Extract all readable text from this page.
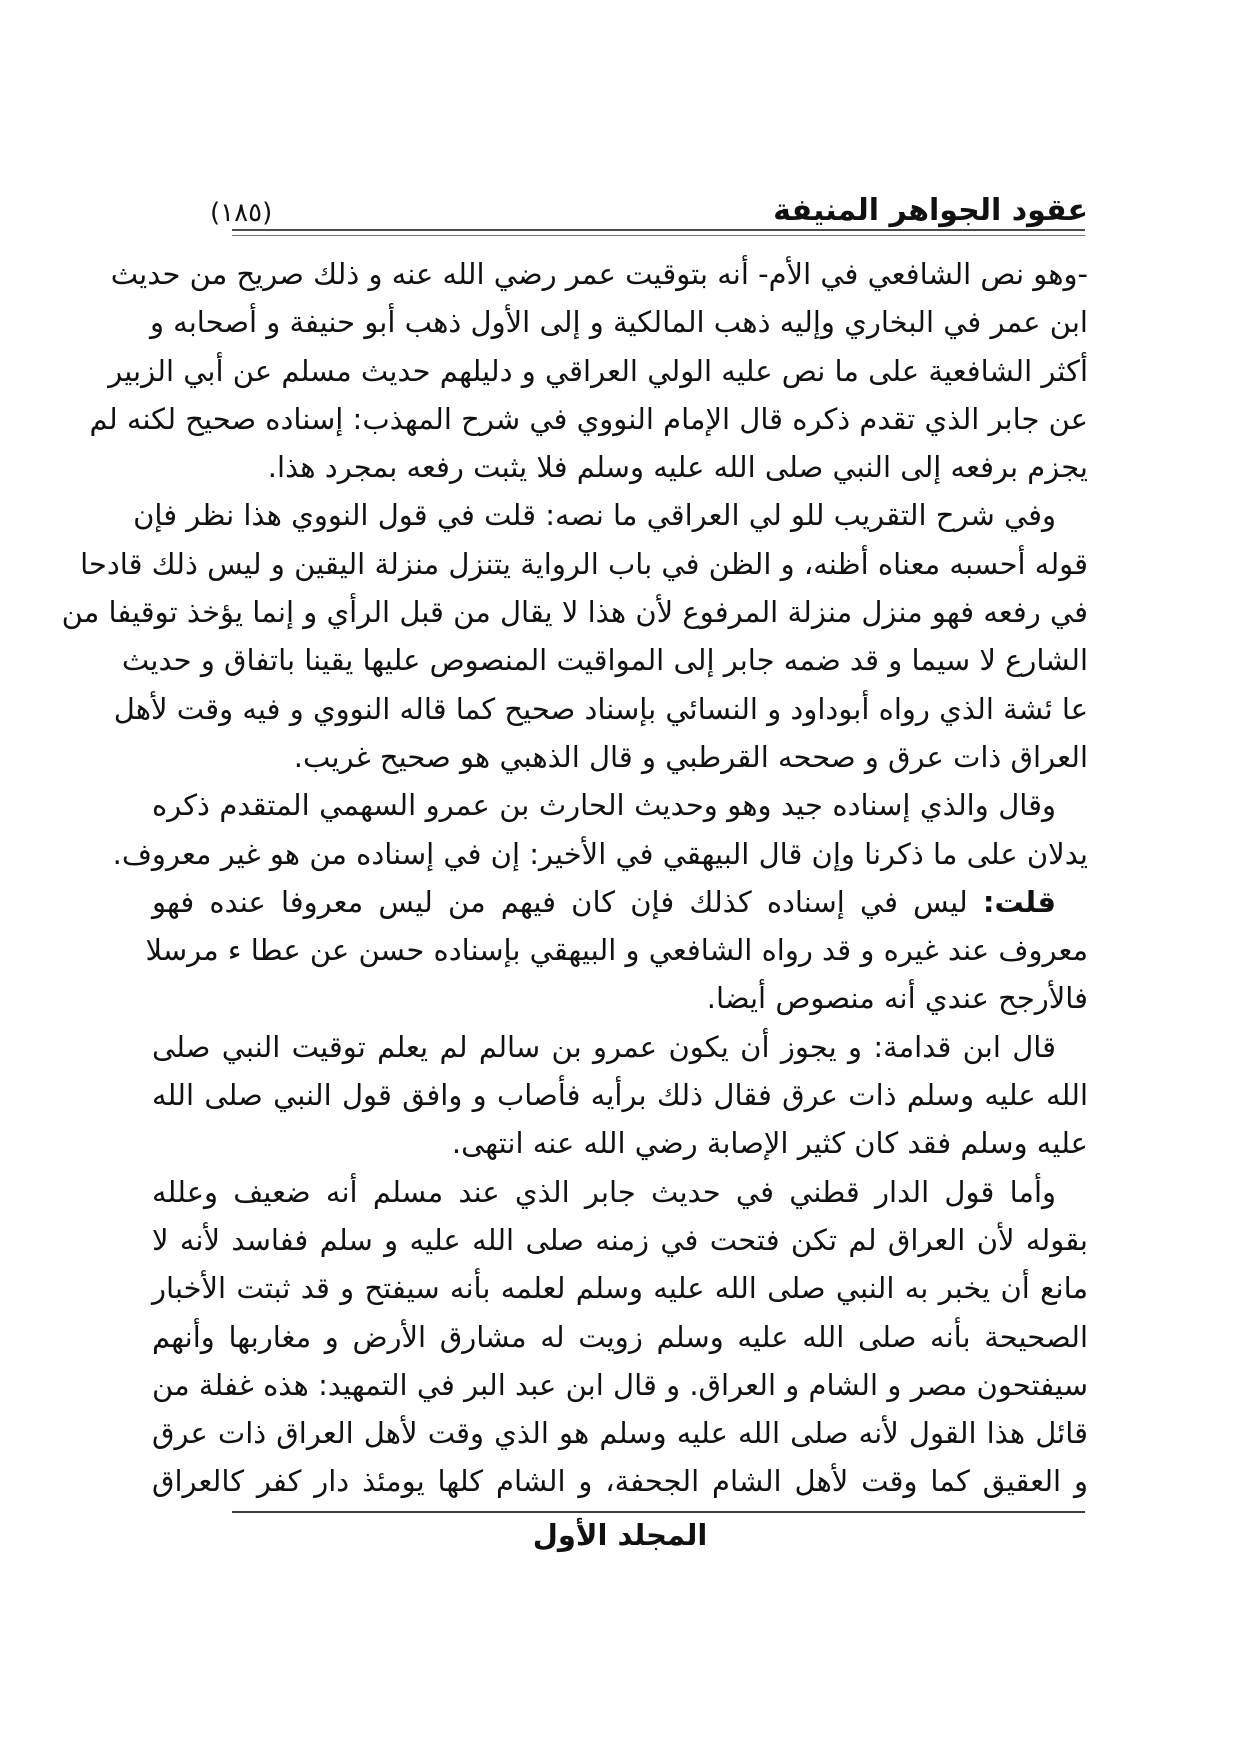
عقود الجواهر المنيفة
(١٨٥)
-وهو نص الشافعي في الأم- أنه بتوقيت عمر رضي الله عنه و ذلك صريح من حديث
ابن عمر في البخاري وإليه ذهب المالكية و إلى الأول ذهب أبو حنيفة و أصحابه و
أكثر الشافعية على ما نص عليه الولي العراقي و دليلهم حديث مسلم عن أبي الزبير
عن جابر الذي تقدم ذكره قال الإمام النووي في شرح المهذب: إسناده صحيح لكنه لم
يجزم برفعه إلى النبي صلى الله عليه وسلم فلا يثبت رفعه بمجرد هذا.
وفي شرح التقريب للو لي العراقي ما نصه: قلت في قول النووي هذا نظر فإن
قوله أحسبه معناه أظنه، و الظن في باب الرواية يتنزل منزلة اليقين و ليس ذلك قادحا
في رفعه فهو منزل منزلة المرفوع لأن هذا لا يقال من قبل الرأي و إنما يؤخذ توقيفا من
الشارع لا سيما و قد ضمه جابر إلى المواقيت المنصوص عليها يقينا باتفاق و حديث
عا ئشة الذي رواه أبوداود و النسائي بإسناد صحيح كما قاله النووي و فيه وقت لأهل
العراق ذات عرق و صححه القرطبي و قال الذهبي هو صحيح غريب.
وقال والذي إسناده جيد وهو وحديث الحارث بن عمرو السهمي المتقدم ذكره
يدلان على ما ذكرنا وإن قال البيهقي في الأخير: إن في إسناده من هو غير معروف.
قلت: ليس في إسناده كذلك فإن كان فيهم من ليس معروفا عنده فهو
معروف عند غيره و قد رواه الشافعي و البيهقي بإسناده حسن عن عطا ء مرسلا
فالأرجح عندي أنه منصوص أيضا.
قال ابن قدامة: و يجوز أن يكون عمرو بن سالم لم يعلم توقيت النبي صلى
الله عليه وسلم ذات عرق فقال ذلك برأيه فأصاب و وافق قول النبي صلى الله
عليه وسلم فقد كان كثير الإصابة رضي الله عنه انتهى.
وأما قول الدار قطني في حديث جابر الذي عند مسلم أنه ضعيف وعلله
بقوله لأن العراق لم تكن فتحت في زمنه صلى الله عليه و سلم ففاسد لأنه لا
مانع أن يخبر به النبي صلى الله عليه وسلم لعلمه بأنه سيفتح و قد ثبتت الأخبار
الصحيحة بأنه صلى الله عليه وسلم زويت له مشارق الأرض و مغاربها وأنهم
سيفتحون مصر و الشام و العراق. و قال ابن عبد البر في التمهيد: هذه غفلة من
قائل هذا القول لأنه صلى الله عليه وسلم هو الذي وقت لأهل العراق ذات عرق
و العقيق كما وقت لأهل الشام الجحفة، و الشام كلها يومئذ دار كفر كالعراق
المجلد الأول
